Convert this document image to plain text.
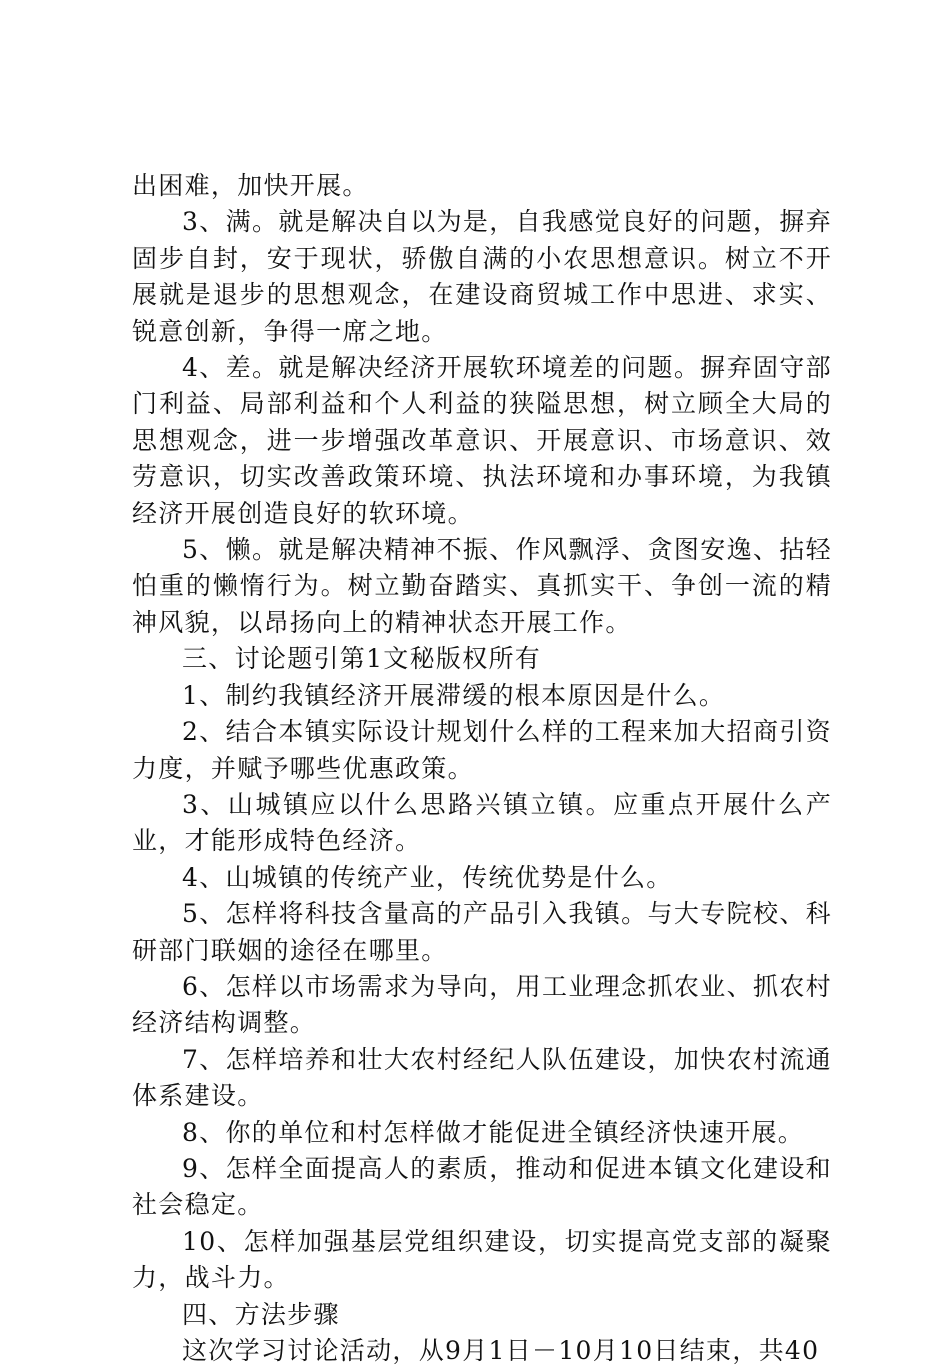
出困难，加快开展。

3、满。就是解决自以为是，自我感觉良好的问题，摒弃固步自封，安于现状，骄傲自满的小农思想意识。树立不开展就是退步的思想观念，在建设商贸城工作中思进、求实、锐意创新，争得一席之地。

4、差。就是解决经济开展软环境差的问题。摒弃固守部门利益、局部利益和个人利益的狭隘思想，树立顾全大局的思想观念，进一步增强改革意识、开展意识、市场意识、效劳意识，切实改善政策环境、执法环境和办事环境，为我镇经济开展创造良好的软环境。

5、懒。就是解决精神不振、作风飘浮、贪图安逸、拈轻怕重的懒惰行为。树立勤奋踏实、真抓实干、争创一流的精神风貌，以昂扬向上的精神状态开展工作。

三、讨论题引第1文秘版权所有

1、制约我镇经济开展滞缓的根本原因是什么。

2、结合本镇实际设计规划什么样的工程来加大招商引资力度，并赋予哪些优惠政策。

3、山城镇应以什么思路兴镇立镇。应重点开展什么产业，才能形成特色经济。

4、山城镇的传统产业，传统优势是什么。

5、怎样将科技含量高的产品引入我镇。与大专院校、科研部门联姻的途径在哪里。

6、怎样以市场需求为导向，用工业理念抓农业、抓农村经济结构调整。

7、怎样培养和壮大农村经纪人队伍建设，加快农村流通体系建设。

8、你的单位和村怎样做才能促进全镇经济快速开展。

9、怎样全面提高人的素质，推动和促进本镇文化建设和社会稳定。

10、怎样加强基层党组织建设，切实提高党支部的凝聚力，战斗力。

四、方法步骤

这次学习讨论活动，从9月1日－10月10日结束，共40
